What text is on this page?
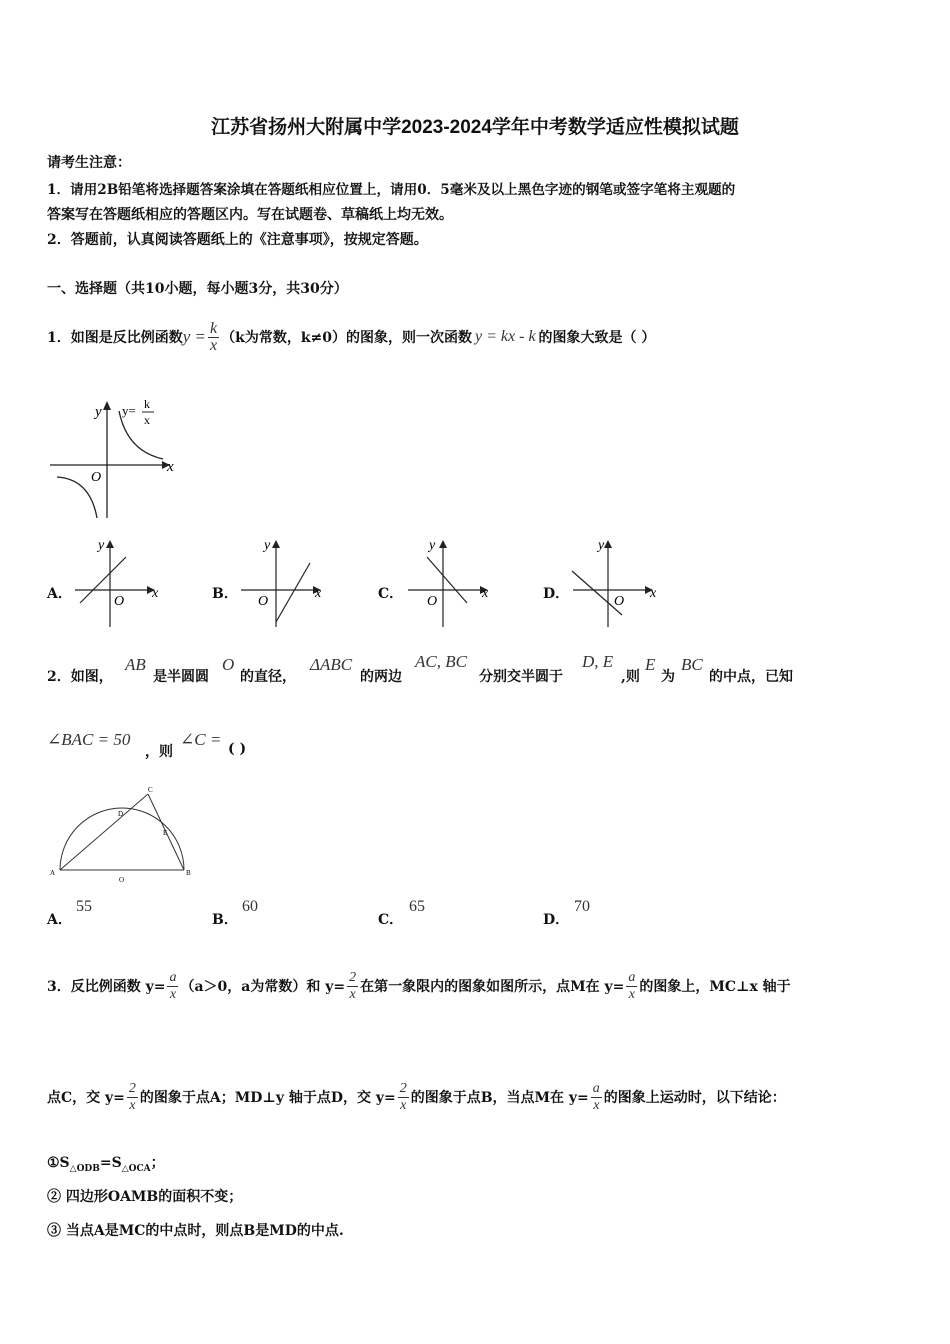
江苏省扬州大附属中学2023-2024学年中考数学适应性模拟试题
请考生注意：
1．请用2B铅笔将选择题答案涂填在答题纸相应位置上，请用0．5毫米及以上黑色字迹的钢笔或签字笔将主观题的
答案写在答题纸相应的答题区内。写在试题卷、草稿纸上均无效。
2．答题前，认真阅读答题纸上的《注意事项》，按规定答题。
一、选择题（共10小题，每小题3分，共30分）
1．如图是反比例函数 $y = \frac{k}{x} (k$为常数，k≠0）的图象，则一次函数 y = kx - k 的图象大致是（ ）
y
x
O
y= k
x
A．
y
x
O	B．
y
x
O	C．
y
x
O	D．
y
x
O
2．如图，
AB
是半圆圆
O
的直径，
ΔABC
的两边
AC, BC
分别交半圆于
D, E
,则
E
为
BC
的中点，已知
∠BAC = 50
，则
∠C = ( )
A	B
C
D
E
O
A．
55
B．
60
C．
65
D．
70
3．反比例函数 $y= \frac{a}{x} (a>0$，a为常数）和 $y= \frac{2}{x}$ 在第一象限内的图象如图所示，点M在 $y= \frac{a}{x}$ 的图象上，MC⊥x 轴于
点C，交 $y= \frac{2}{x}$ 的图象于点A；MD⊥y 轴于点D，交 $y= \frac{2}{x}$ 的图象于点B，当点M在 $y= \frac{a}{x}$ 的图象上运动时，以下结论：
$①S_{\triangle ODB}=S_{\triangle OCA}$；
② 四边形OAMB的面积不变；
③ 当点A是MC的中点时，则点B是MD的中点.
